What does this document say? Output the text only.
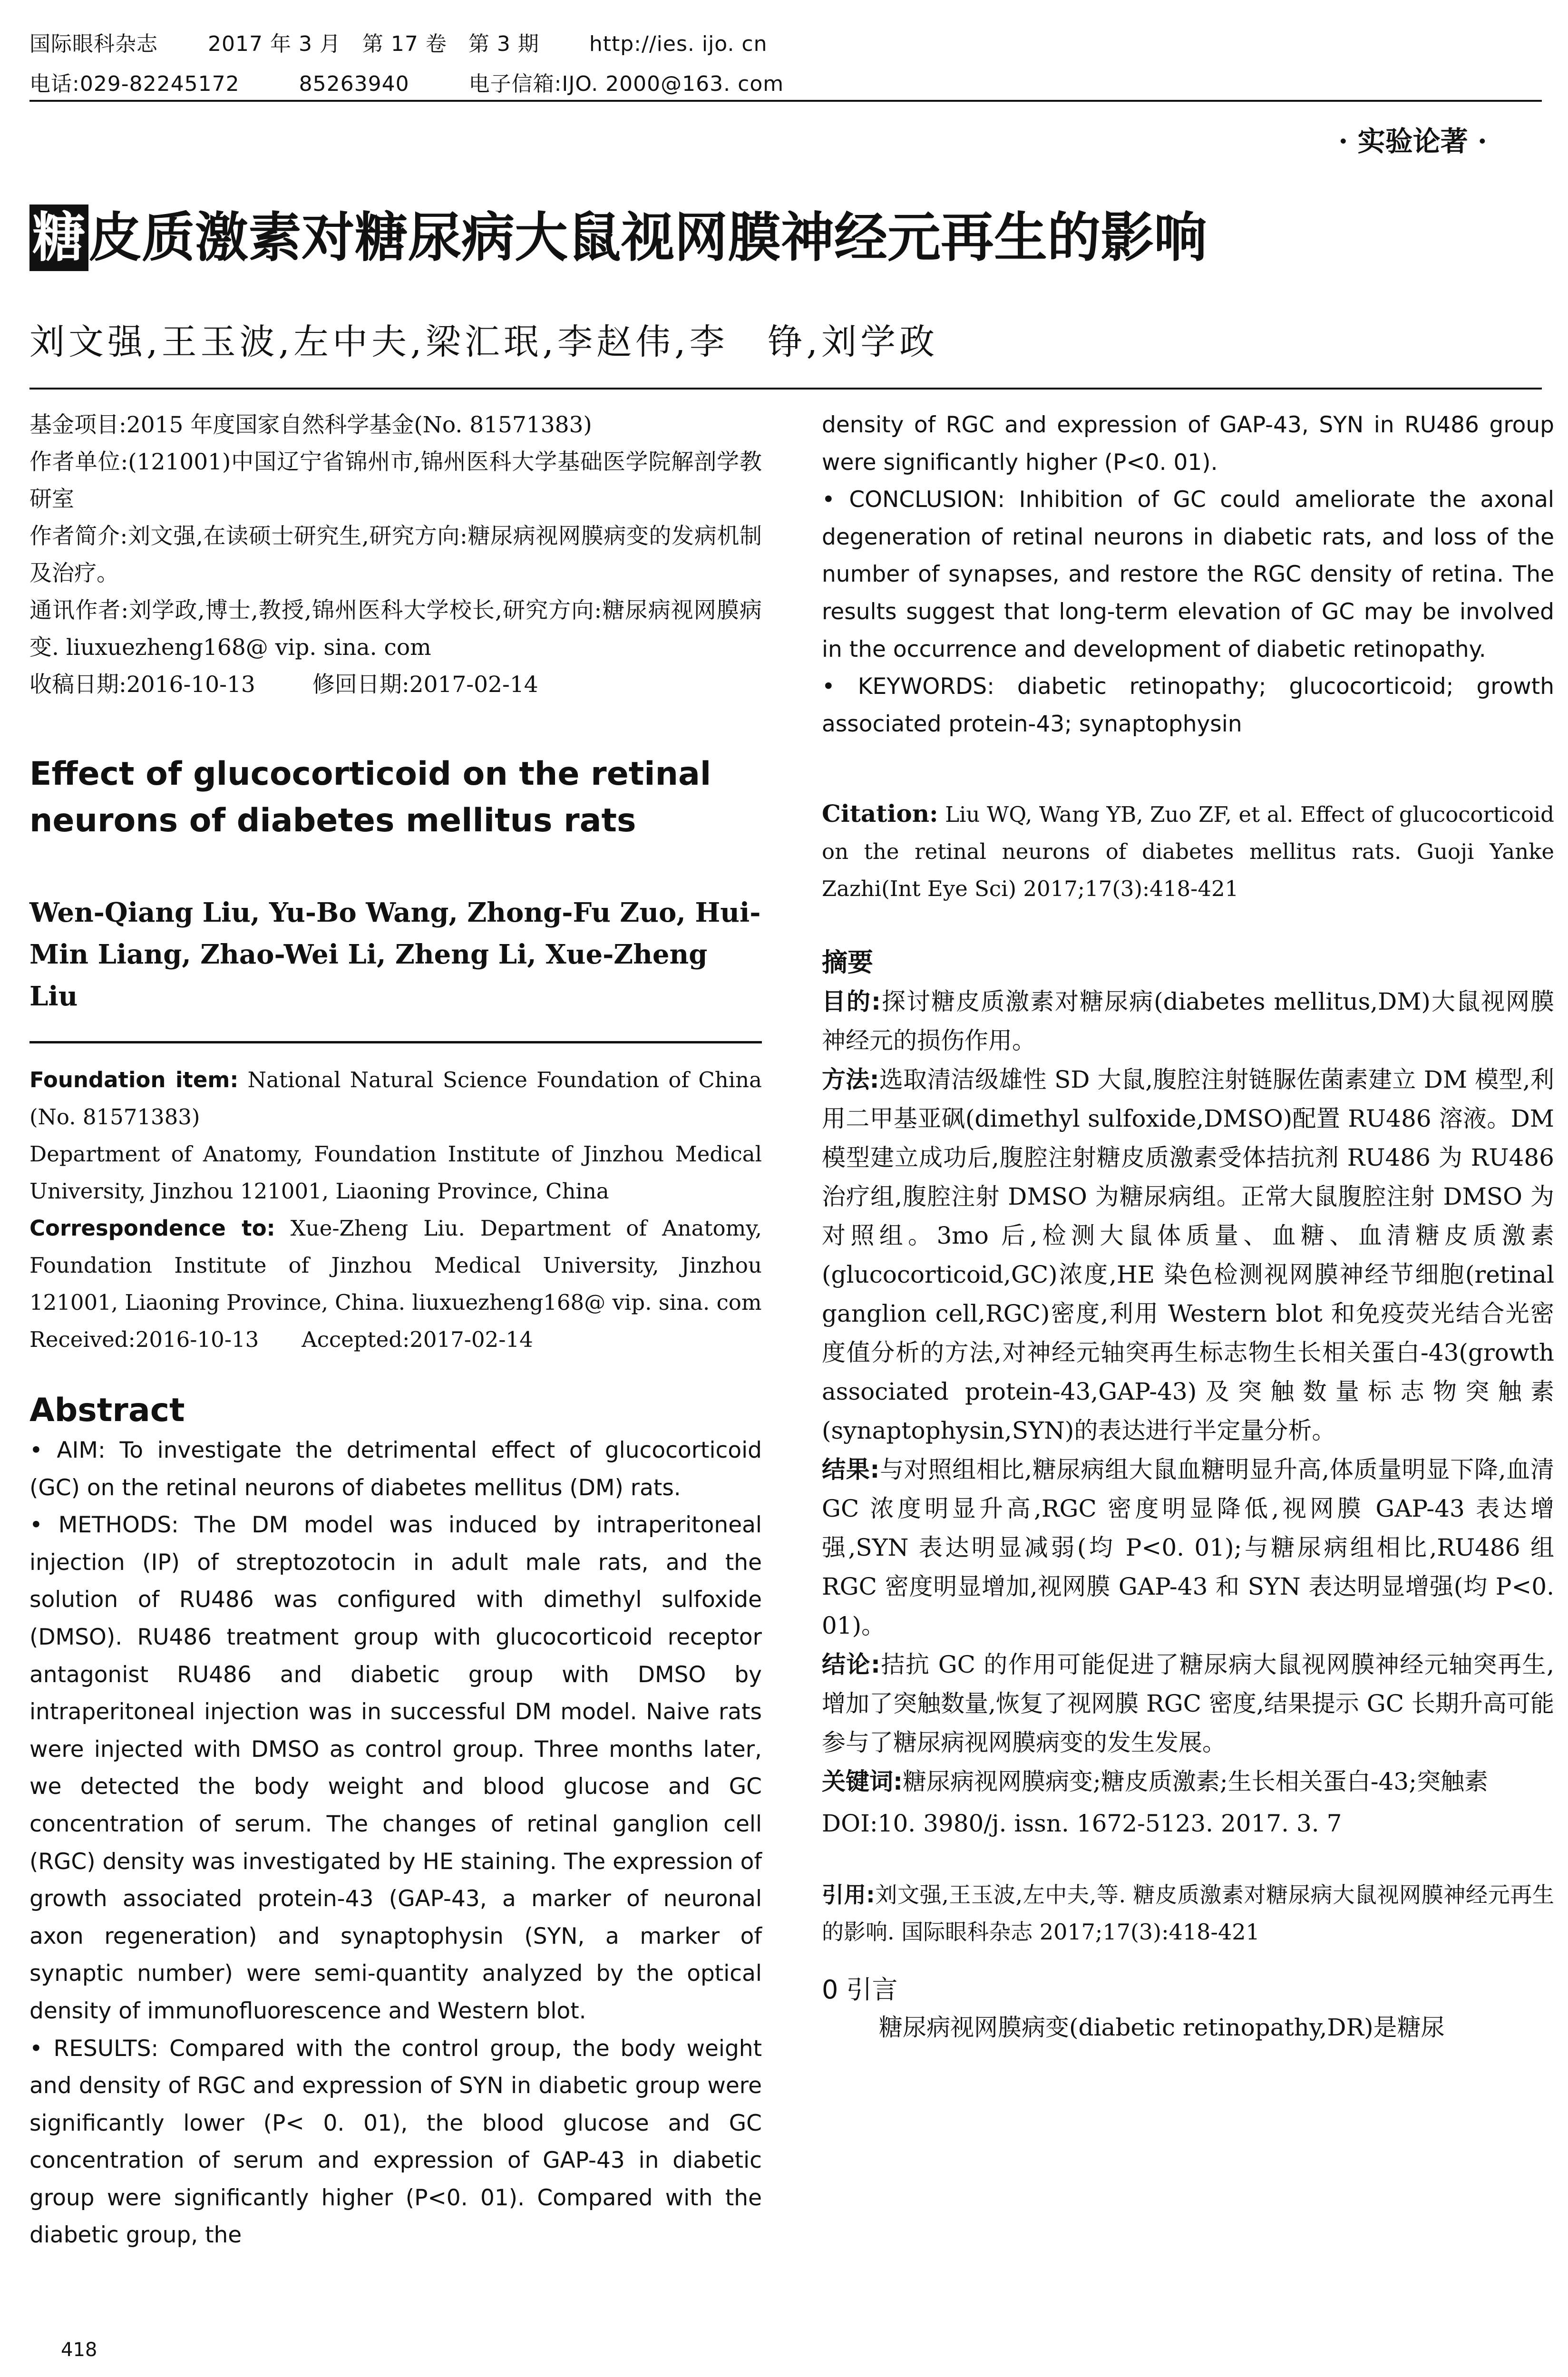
国际眼科杂志 2017 年 3 月　第 17 卷　第 3 期 http://ies. ijo. cn
电话:029-82245172	85263940	电子信箱:IJO. 2000@163. com
· 实验论著 ·
糖皮质激素对糖尿病大鼠视网膜神经元再生的影响
刘文强,王玉波,左中夫,梁汇珉,李赵伟,李　铮,刘学政

基金项目:2015 年度国家自然科学基金(No. 81571383)

作者单位:(121001)中国辽宁省锦州市,锦州医科大学基础医学院解剖学教研室

作者简介:刘文强,在读硕士研究生,研究方向:糖尿病视网膜病变的发病机制及治疗。

通讯作者:刘学政,博士,教授,锦州医科大学校长,研究方向:糖尿病视网膜病变. liuxuezheng168@ vip. sina. com

收稿日期:2016-10-13	修回日期:2017-02-14

Effect of glucocorticoid on the retinal neurons of diabetes mellitus rats
Wen-Qiang Liu, Yu-Bo Wang, Zhong-Fu Zuo, Hui-Min Liang, Zhao-Wei Li, Zheng Li, Xue-Zheng Liu

Foundation item: National Natural Science Foundation of China (No. 81571383)

Department of Anatomy, Foundation Institute of Jinzhou Medical University, Jinzhou 121001, Liaoning Province, China

Correspondence to: Xue-Zheng Liu. Department of Anatomy, Foundation Institute of Jinzhou Medical University, Jinzhou 121001, Liaoning Province, China. liuxuezheng168@ vip. sina. com

Received:2016-10-13 Accepted:2017-02-14

Abstract

• AIM: To investigate the detrimental effect of glucocorticoid (GC) on the retinal neurons of diabetes mellitus (DM) rats.

• METHODS: The DM model was induced by intraperitoneal injection (IP) of streptozotocin in adult male rats, and the solution of RU486 was configured with dimethyl sulfoxide (DMSO). RU486 treatment group with glucocorticoid receptor antagonist RU486 and diabetic group with DMSO by intraperitoneal injection was in successful DM model. Naive rats were injected with DMSO as control group. Three months later, we detected the body weight and blood glucose and GC concentration of serum. The changes of retinal ganglion cell (RGC) density was investigated by HE staining. The expression of growth associated protein-43 (GAP-43, a marker of neuronal axon regeneration) and synaptophysin (SYN, a marker of synaptic number) were semi-quantity analyzed by the optical density of immunofluorescence and Western blot.

• RESULTS: Compared with the control group, the body weight and density of RGC and expression of SYN in diabetic group were significantly lower (P< 0. 01), the blood glucose and GC concentration of serum and expression of GAP-43 in diabetic group were significantly higher (P<0. 01). Compared with the diabetic group, the

density of RGC and expression of GAP-43, SYN in RU486 group were significantly higher (P<0. 01).

• CONCLUSION: Inhibition of GC could ameliorate the axonal degeneration of retinal neurons in diabetic rats, and loss of the number of synapses, and restore the RGC density of retina. The results suggest that long-term elevation of GC may be involved in the occurrence and development of diabetic retinopathy.

• KEYWORDS: diabetic retinopathy; glucocorticoid; growth associated protein-43; synaptophysin

Citation: Liu WQ, Wang YB, Zuo ZF, et al. Effect of glucocorticoid on the retinal neurons of diabetes mellitus rats. Guoji Yanke Zazhi(Int Eye Sci) 2017;17(3):418-421

摘要

目的:探讨糖皮质激素对糖尿病(diabetes mellitus,DM)大鼠视网膜神经元的损伤作用。

方法:选取清洁级雄性 SD 大鼠,腹腔注射链脲佐菌素建立 DM 模型,利用二甲基亚砜(dimethyl sulfoxide,DMSO)配置 RU486 溶液。DM 模型建立成功后,腹腔注射糖皮质激素受体拮抗剂 RU486 为 RU486 治疗组,腹腔注射 DMSO 为糖尿病组。正常大鼠腹腔注射 DMSO 为对照组。3mo 后,检测大鼠体质量、血糖、血清糖皮质激素(glucocorticoid,GC)浓度,HE 染色检测视网膜神经节细胞(retinal ganglion cell,RGC)密度,利用 Western blot 和免疫荧光结合光密度值分析的方法,对神经元轴突再生标志物生长相关蛋白-43(growth associated protein-43,GAP-43)及突触数量标志物突触素(synaptophysin,SYN)的表达进行半定量分析。

结果:与对照组相比,糖尿病组大鼠血糖明显升高,体质量明显下降,血清 GC 浓度明显升高,RGC 密度明显降低,视网膜 GAP-43 表达增强,SYN 表达明显减弱(均 P<0. 01);与糖尿病组相比,RU486 组 RGC 密度明显增加,视网膜 GAP-43 和 SYN 表达明显增强(均 P<0. 01)。

结论:拮抗 GC 的作用可能促进了糖尿病大鼠视网膜神经元轴突再生,增加了突触数量,恢复了视网膜 RGC 密度,结果提示 GC 长期升高可能参与了糖尿病视网膜病变的发生发展。

关键词:糖尿病视网膜病变;糖皮质激素;生长相关蛋白-43;突触素

DOI:10. 3980/j. issn. 1672-5123. 2017. 3. 7

引用:刘文强,王玉波,左中夫,等. 糖皮质激素对糖尿病大鼠视网膜神经元再生的影响. 国际眼科杂志 2017;17(3):418-421
0 引言
糖尿病视网膜病变(diabetic retinopathy,DR)是糖尿
418
